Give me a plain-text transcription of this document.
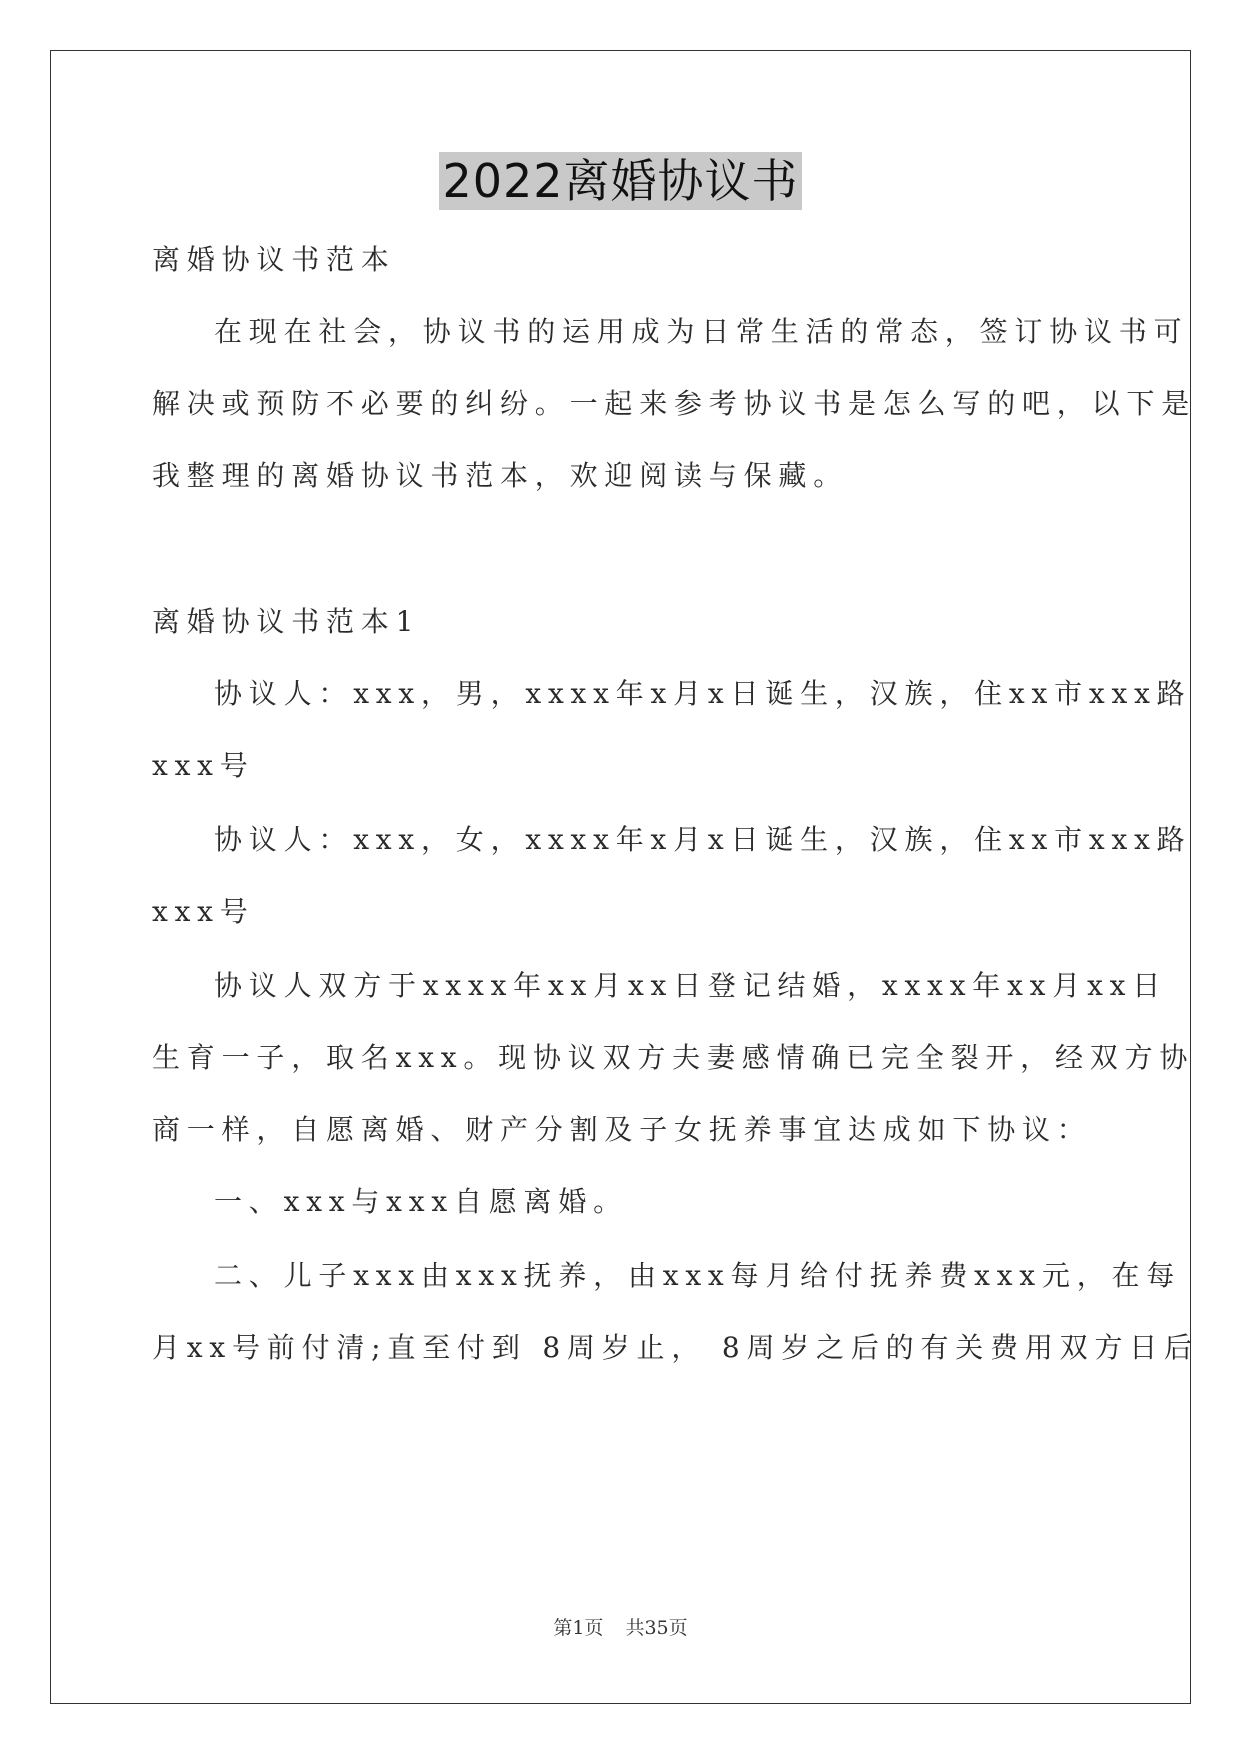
2022离婚协议书
离婚协议书范本
在现在社会，协议书的运用成为日常生活的常态，签订协议书可
解决或预防不必要的纠纷。一起来参考协议书是怎么写的吧，以下是
我整理的离婚协议书范本，欢迎阅读与保藏。
离婚协议书范本1
协议人：xxx，男，xxxx年x月x日诞生，汉族，住xx市xxx路
xxx号
协议人：xxx，女，xxxx年x月x日诞生，汉族，住xx市xxx路
xxx号
协议人双方于xxxx年xx月xx日登记结婚，xxxx年xx月xx日
生育一子，取名xxx。现协议双方夫妻感情确已完全裂开，经双方协
商一样，自愿离婚、财产分割及子女抚养事宜达成如下协议：
一、xxx与xxx自愿离婚。
二、儿子xxx由xxx抚养，由xxx每月给付抚养费xxx元，在每
月xx号前付清;直至付到 8周岁止， 8周岁之后的有关费用双方日后
第1页 共35页
